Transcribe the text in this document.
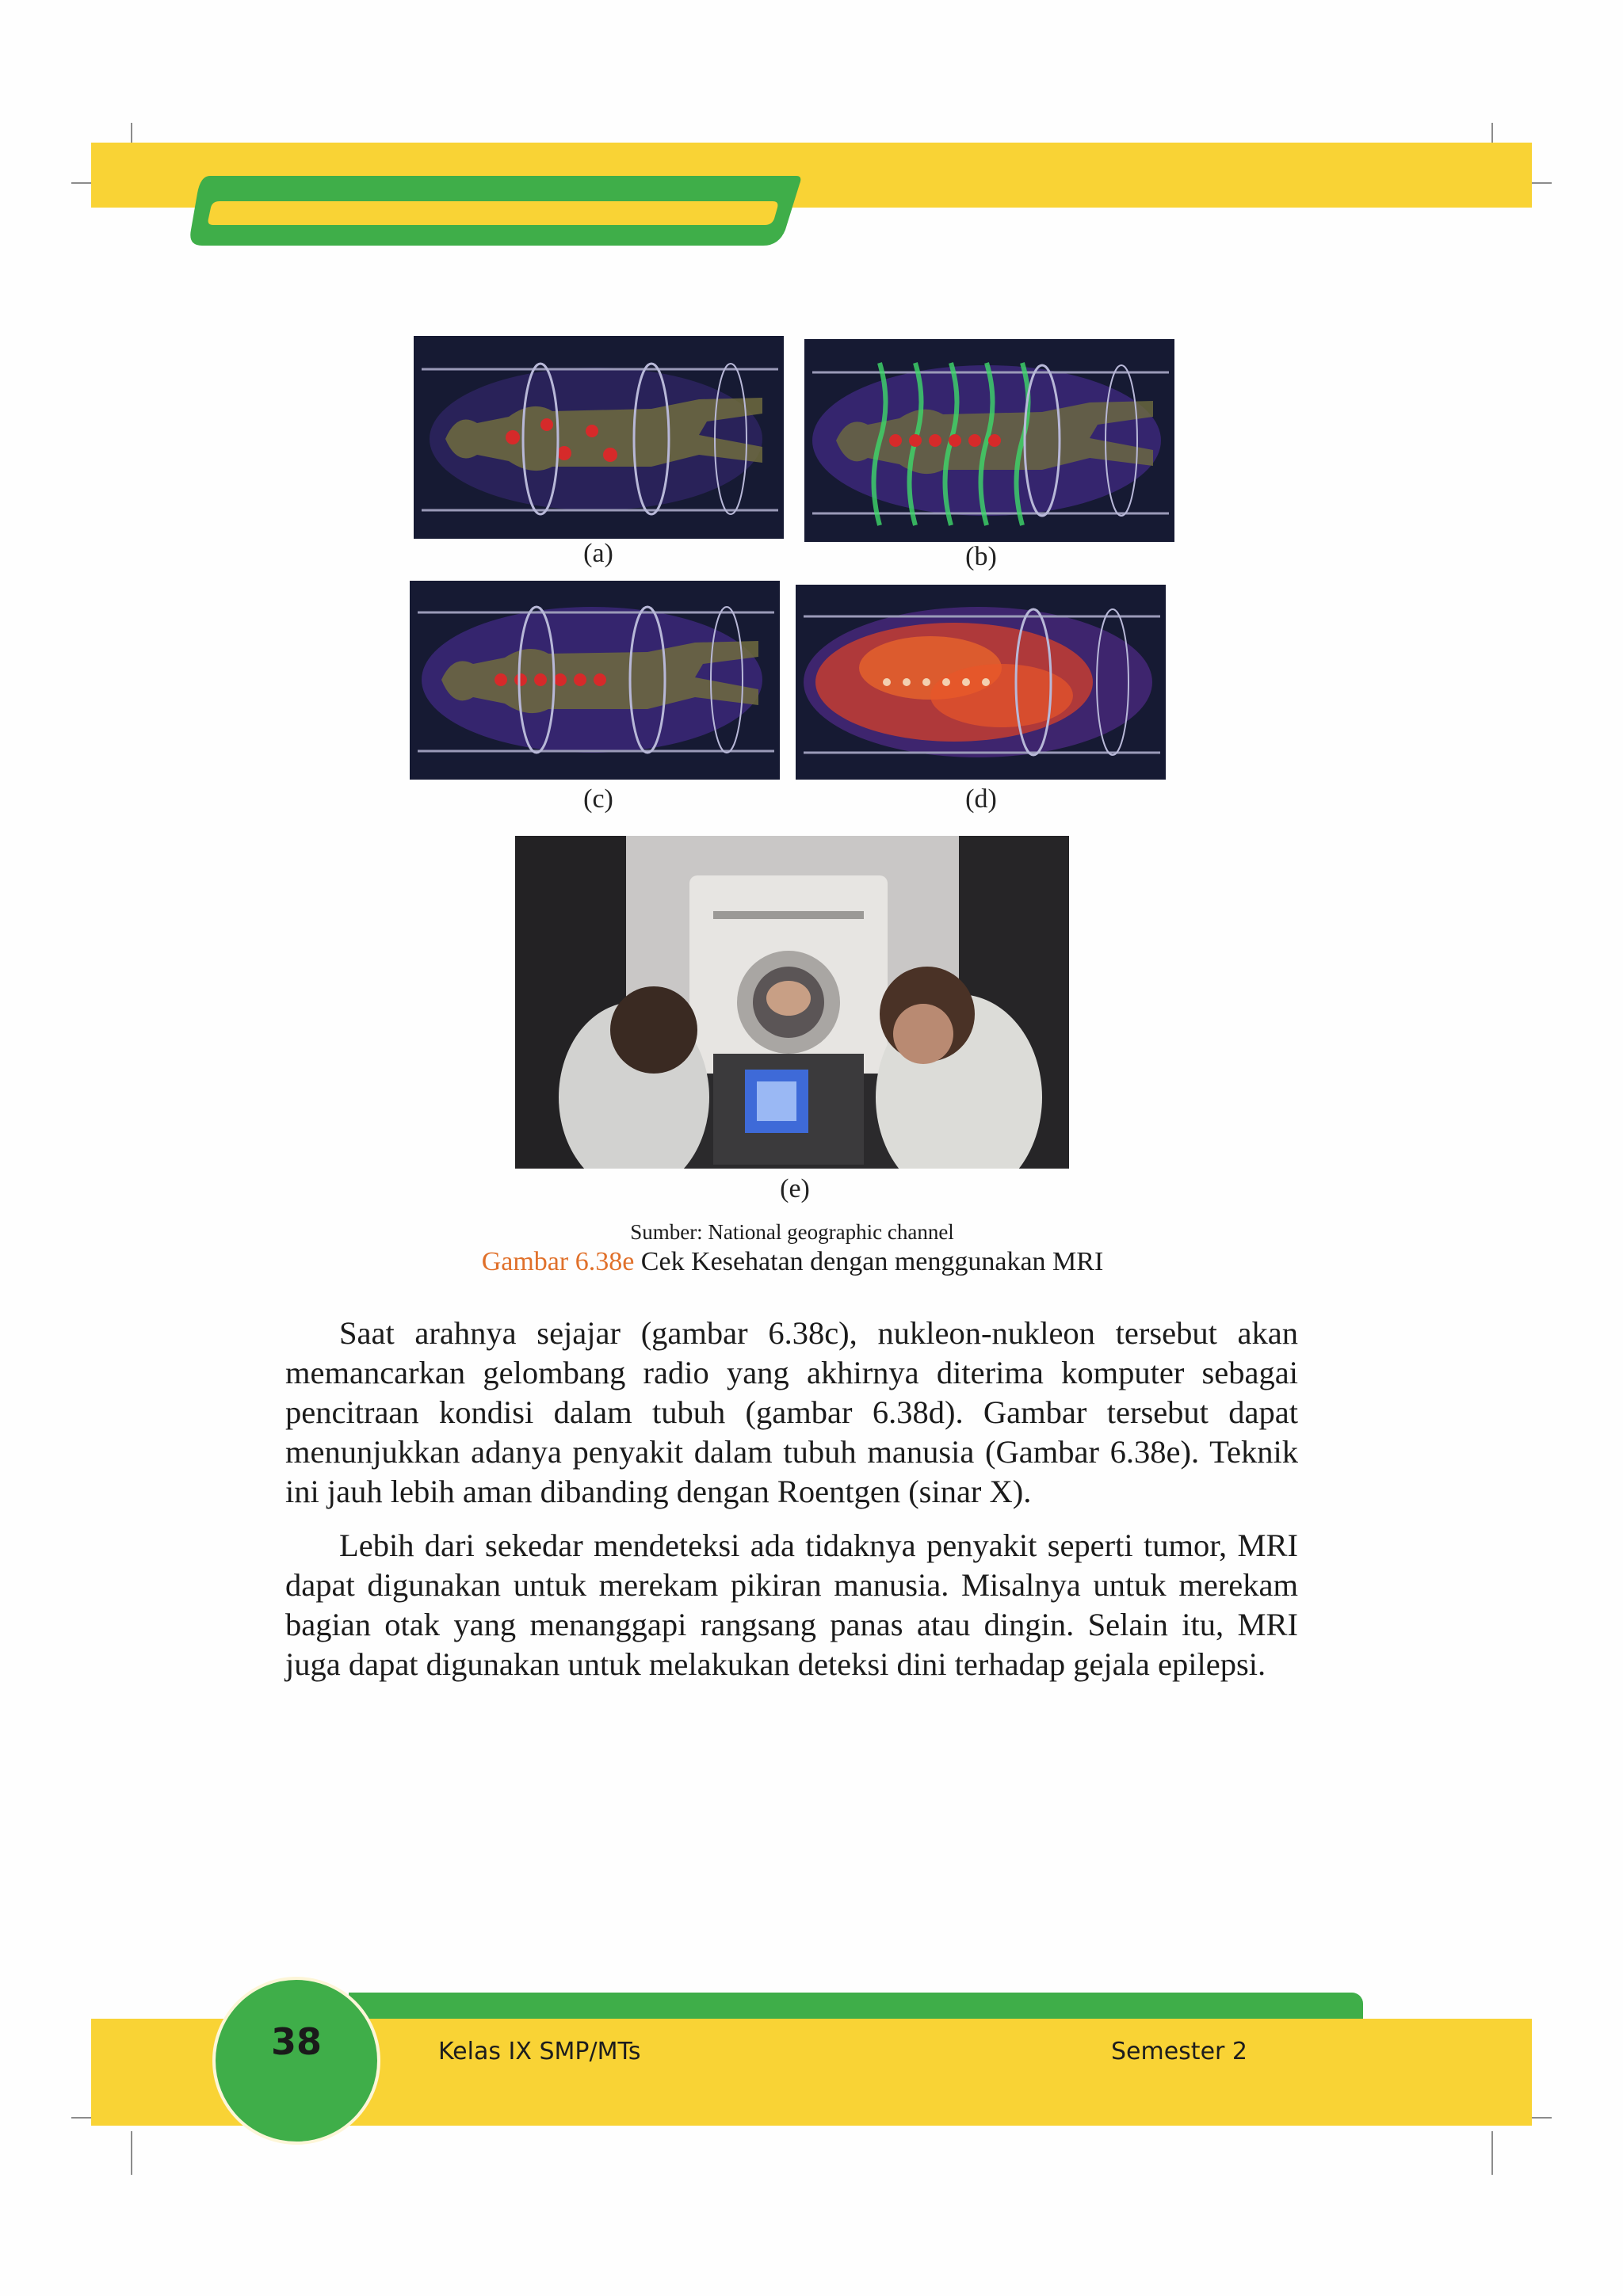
(a)	(b)
(c)	(d)
(e)
Sumber: National geographic channel
Gambar 6.38e Cek Kesehatan dengan menggunakan MRI

Saat arahnya sejajar (gambar 6.38c), nukleon-nukleon tersebut akan memancarkan gelombang radio yang akhirnya diterima komputer sebagai pencitraan kondisi dalam tubuh (gambar 6.38d). Gambar tersebut dapat menunjukkan adanya penyakit dalam tubuh manusia (Gambar 6.38e). Teknik ini jauh lebih aman dibanding dengan Roentgen (sinar X).

Lebih dari sekedar mendeteksi ada tidaknya penyakit seperti tumor, MRI dapat digunakan untuk merekam pikiran manusia. Misalnya untuk merekam bagian otak yang menanggapi rangsang panas atau dingin. Selain itu, MRI juga dapat digunakan untuk melakukan deteksi dini terhadap gejala epilepsi.

38	Kelas IX SMP/MTs	Semester 2
